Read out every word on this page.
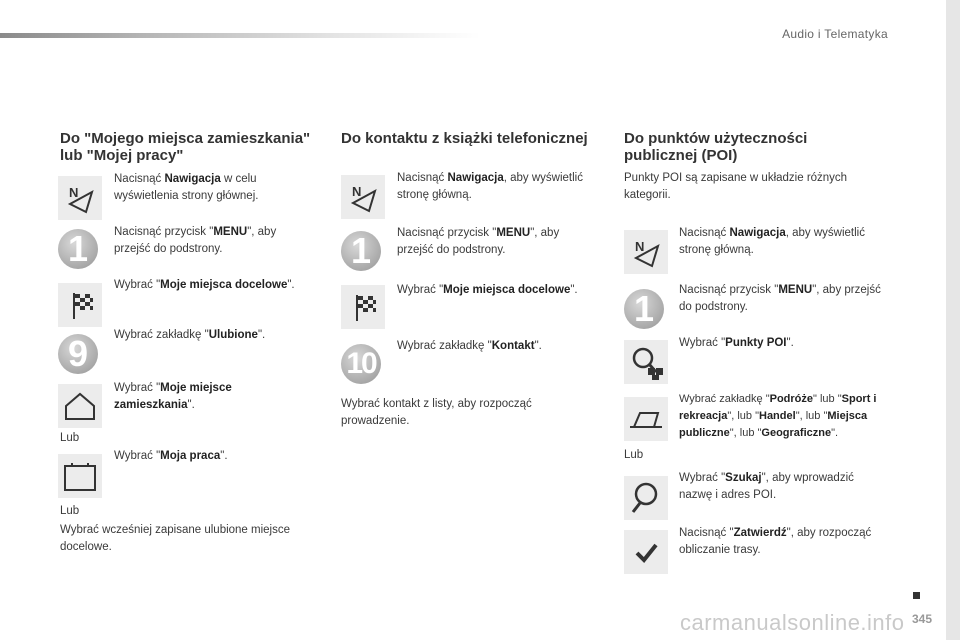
Audio i Telematyka
Do "Mojego miejsca zamieszkania" lub "Mojej pracy"
N
Nacisnąć Nawigacja w celu wyświetlenia strony głównej.
1	Nacisnąć przycisk "MENU", aby przejść do podstrony.
Wybrać "Moje miejsca docelowe".
9	Wybrać zakładkę "Ulubione".
Wybrać "Moje miejsce zamieszkania".
Lub
Wybrać "Moja praca".
Lub
Wybrać wcześniej zapisane ulubione miejsce docelowe.
Do kontaktu z książki telefonicznej
N
Nacisnąć Nawigacja, aby wyświetlić stronę główną.
1	Nacisnąć przycisk "MENU", aby przejść do podstrony.
Wybrać "Moje miejsca docelowe".
10
Wybrać zakładkę "Kontakt".
Wybrać kontakt z listy, aby rozpocząć prowadzenie.
Do punktów użyteczności publicznej (POI)
Punkty POI są zapisane w układzie różnych kategorii.
N
Nacisnąć Nawigacja, aby wyświetlić stronę główną.
1	Nacisnąć przycisk "MENU", aby przejść do podstrony.
Wybrać "Punkty POI".
Wybrać zakładkę "Podróże" lub "Sport i rekreacja", lub "Handel", lub "Miejsca publiczne", lub "Geograficzne".
Lub
Wybrać "Szukaj", aby wprowadzić nazwę i adres POI.
Nacisnąć "Zatwierdź", aby rozpocząć obliczanie trasy.
carmanualsonline.info 345
